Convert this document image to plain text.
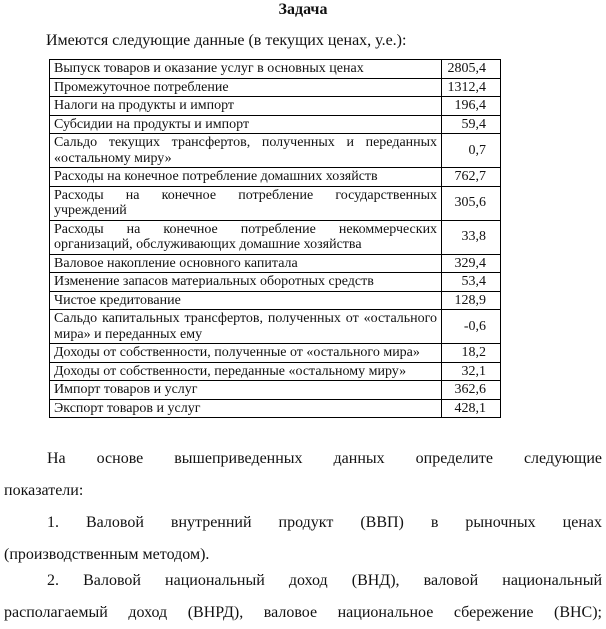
Задача
Имеются следующие данные (в текущих ценах, у.е.):
Выпуск товаров и оказание услуг в основных ценах	2805,4
Промежуточное потребление	1312,4
Налоги на продукты и импорт	196,4
Субсидии на продукты и импорт	59,4
Сальдо текущих трансфертов, полученных и переданных «остальному миру»	0,7
Расходы на конечное потребление домашних хозяйств	762,7
Расходы на конечное потребление государственных учреждений	305,6
Расходы на конечное потребление некоммерческих организаций, обслуживающих домашние хозяйства	33,8
Валовое накопление основного капитала	329,4
Изменение запасов материальных оборотных средств	53,4
Чистое кредитование	128,9
Сальдо капитальных трансфертов, полученных от «остального мира» и переданных ему	-0,6
Доходы от собственности, полученные от «остального мира»	18,2
Доходы от собственности, переданные «остальному миру»	32,1
Импорт товаров и услуг	362,6
Экспорт товаров и услуг	428,1
На основе вышеприведенных данных определите следующие
показатели:
1. Валовой внутренний продукт (ВВП) в рыночных ценах
(производственным методом).
2. Валовой национальный доход (ВНД), валовой национальный
располагаемый доход (ВНРД), валовое национальное сбережение (ВНС);
